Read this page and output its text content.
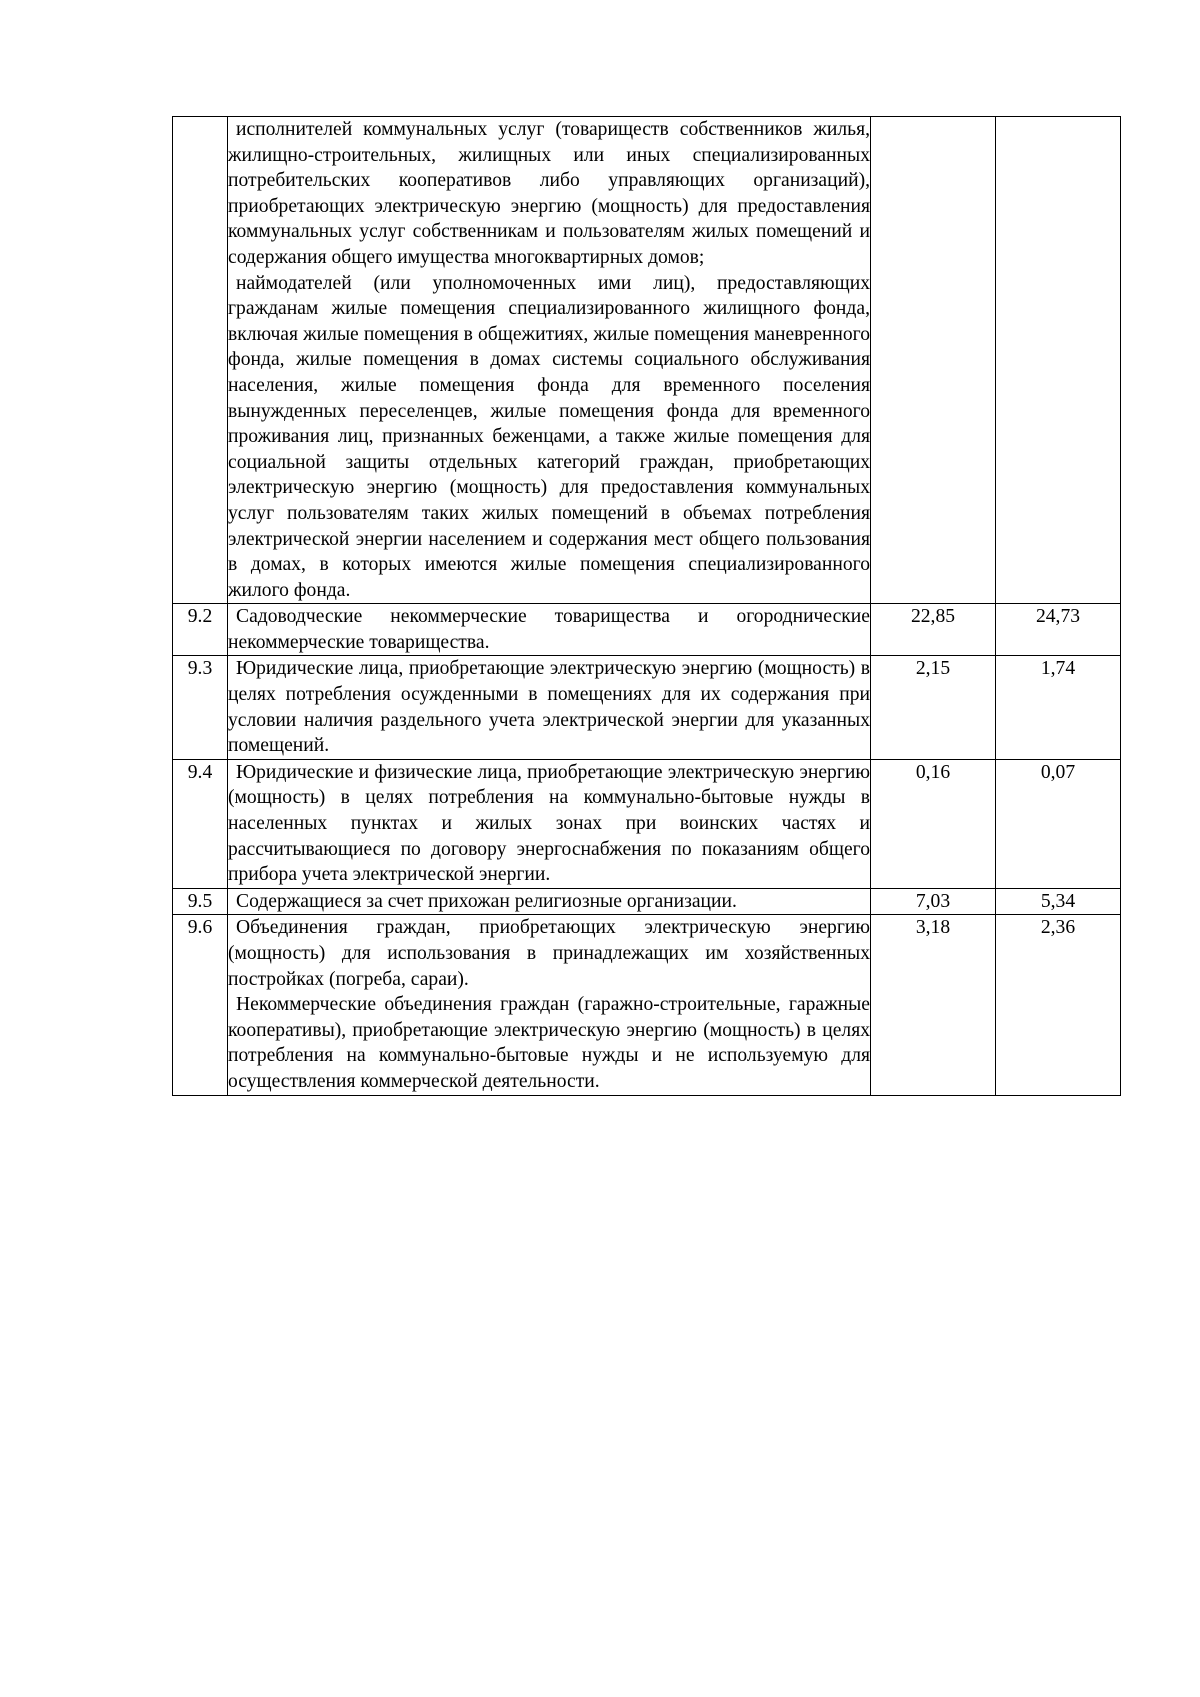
	исполнителей коммунальных услуг (товариществ собственников жилья, жилищно-строительных, жилищных или иных специализированных потребительских кооперативов либо управляющих организаций), приобретающих электрическую энергию (мощность) для предоставления коммунальных услуг собственникам и пользователям жилых помещений и содержания общего имущества многоквартирных домов;

наймодателей (или уполномоченных ими лиц), предоставляющих гражданам жилые помещения специализированного жилищного фонда, включая жилые помещения в общежитиях, жилые помещения маневренного фонда, жилые помещения в домах системы социального обслуживания населения, жилые помещения фонда для временного поселения вынужденных переселенцев, жилые помещения фонда для временного проживания лиц, признанных беженцами, а также жилые помещения для социальной защиты отдельных категорий граждан, приобретающих электрическую энергию (мощность) для предоставления коммунальных услуг пользователям таких жилых помещений в объемах потребления электрической энергии населением и содержания мест общего пользования в домах, в которых имеются жилые помещения специализированного жилого фонда.		

9.2	Садоводческие некоммерческие товарищества и огороднические некоммерческие товарищества.	22,85	24,73
9.3	Юридические лица, приобретающие электрическую энергию (мощность) в целях потребления осужденными в помещениях для их содержания при условии наличия раздельного учета электрической энергии для указанных помещений.	2,15	1,74
9.4	Юридические и физические лица, приобретающие электрическую энергию (мощность) в целях потребления на коммунально-бытовые нужды в населенных пунктах и жилых зонах при воинских частях и рассчитывающиеся по договору энергоснабжения по показаниям общего прибора учета электрической энергии.	0,16	0,07
9.5	Содержащиеся за счет прихожан религиозные организации.	7,03	5,34
9.6	Объединения граждан, приобретающих электрическую энергию (мощность) для использования в принадлежащих им хозяйственных постройках (погреба, сараи).

Некоммерческие объединения граждан (гаражно-строительные, гаражные кооперативы), приобретающие электрическую энергию (мощность) в целях потребления на коммунально-бытовые нужды и не используемую для осуществления коммерческой деятельности.	3,18	2,36
